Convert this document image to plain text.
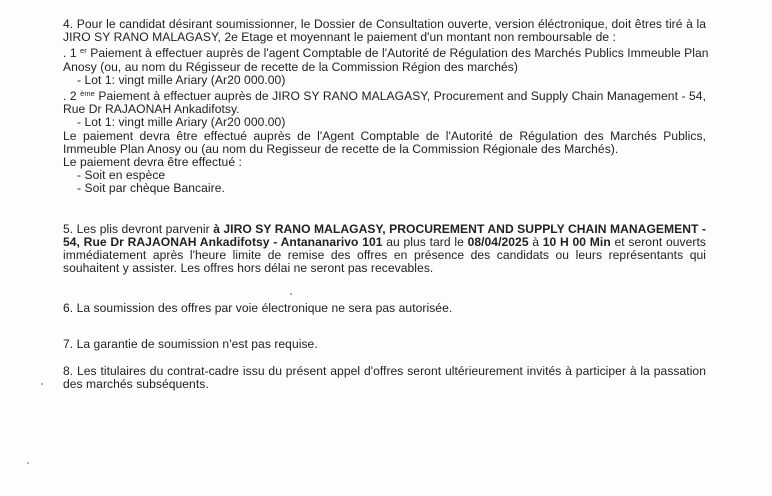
4. Pour le candidat désirant soumissionner, le Dossier de Consultation ouverte, version éléctronique, doit êtres tiré à la
JIRO SY RANO MALAGASY, 2e Etage et moyennant le paiement d'un montant non remboursable de :
. 1 $^{er}$ Paiement à effectuer auprès de l'agent Comptable de l'Autorité de Régulation des Marchés Publics Immeuble Plan
Anosy (ou, au nom du Régisseur de recette de la Commission Région des marchés)
- Lot 1: vingt mille Ariary (Ar20 000.00)
. 2 $^{ème}$ Paiement à effectuer auprès de JIRO SY RANO MALAGASY, Procurement and Supply Chain Management - 54,
Rue Dr RAJAONAH Ankadifotsy.
- Lot 1: vingt mille Ariary (Ar20 000.00)
Le paiement devra être effectué auprès de l'Agent Comptable de l'Autorité de Régulation des Marchés Publics,
Immeuble Plan Anosy ou (au nom du Regisseur de recette de la Commission Régionale des Marchés).
Le paiement devra être effectué :
- Soit en espèce
- Soit par chèque Bancaire.
5. Les plis devront parvenir à JIRO SY RANO MALAGASY, PROCUREMENT AND SUPPLY CHAIN MANAGEMENT -
54, Rue Dr RAJAONAH Ankadifotsy - Antananarivo 101 au plus tard le 08/04/2025 à 10 H 00 Min et seront ouverts
immédiatement après l'heure limite de remise des offres en présence des candidats ou leurs représentants qui
souhaitent y assister. Les offres hors délai ne seront pas recevables.
6. La soumission des offres par voie électronique ne sera pas autorisée.
7. La garantie de soumission n'est pas requise.
8. Les titulaires du contrat-cadre issu du présent appel d'offres seront ultérieurement invités à participer à la passation
des marchés subséquents.
